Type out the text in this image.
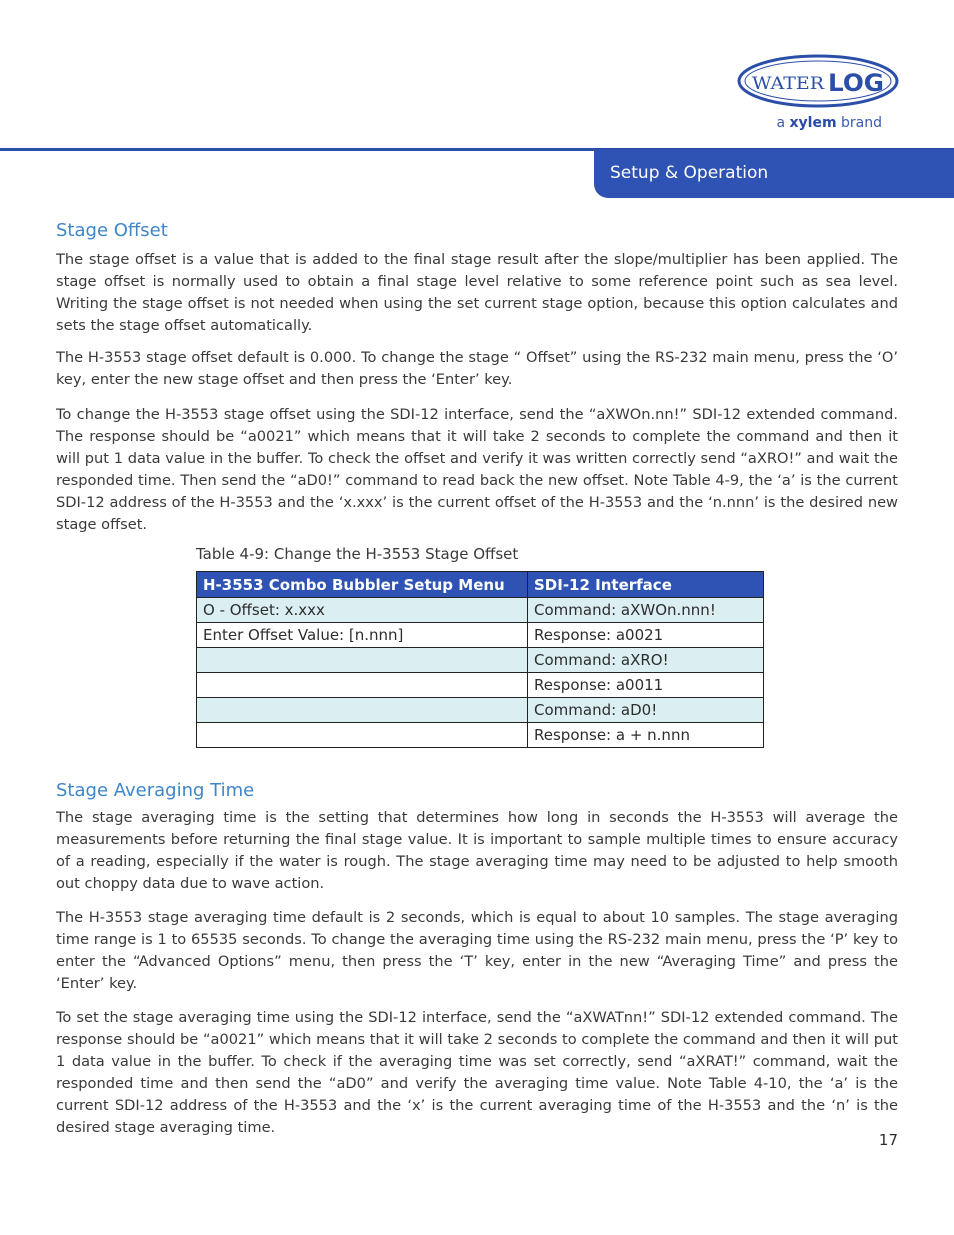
WATER LOG
a xylem brand
Setup & Operation
Stage Offset

The stage offset is a value that is added to the final stage result after the slope/multiplier has been applied. The stage offset is normally used to obtain a final stage level relative to some reference point such as sea level. Writing the stage offset is not needed when using the set current stage option, because this option calculates and sets the stage offset automatically.

The H-3553 stage offset default is 0.000. To change the stage “ Offset” using the RS-232 main menu, press the ‘O’ key, enter the new stage offset and then press the ‘Enter’ key.

To change the H-3553 stage offset using the SDI-12 interface, send the “aXWOn.nn!” SDI-12 extended command. The response should be “a0021” which means that it will take 2 seconds to complete the command and then it will put 1 data value in the buffer. To check the offset and verify it was written correctly send “aXRO!” and wait the responded time. Then send the “aD0!” command to read back the new offset. Note Table 4-9, the ‘a’ is the current SDI-12 address of the H-3553 and the ‘x.xxx’ is the current offset of the H-3553 and the ‘n.nnn’ is the desired new stage offset.

Table 4-9: Change the H-3553 Stage Offset

H-3553 Combo Bubbler Setup Menu	SDI-12 Interface
O - Offset: x.xxx	Command: aXWOn.nnn!
Enter Offset Value: [n.nnn]	Response: a0021
	Command: aXRO!
	Response: a0011
	Command: aD0!
	Response: a + n.nnn
Stage Averaging Time

The stage averaging time is the setting that determines how long in seconds the H-3553 will average the measurements before returning the final stage value. It is important to sample multiple times to ensure accuracy of a reading, especially if the water is rough. The stage averaging time may need to be adjusted to help smooth out choppy data due to wave action.

The H-3553 stage averaging time default is 2 seconds, which is equal to about 10 samples. The stage averaging time range is 1 to 65535 seconds. To change the averaging time using the RS-232 main menu, press the ‘P’ key to enter the “Advanced Options” menu, then press the ‘T’ key, enter in the new “Averaging Time” and press the ‘Enter’ key.

To set the stage averaging time using the SDI-12 interface, send the “aXWATnn!” SDI-12 extended command. The response should be “a0021” which means that it will take 2 seconds to complete the command and then it will put 1 data value in the buffer. To check if the averaging time was set correctly, send “aXRAT!” command, wait the responded time and then send the “aD0” and verify the averaging time value. Note Table 4-10, the ‘a’ is the current SDI-12 address of the H-3553 and the ‘x’ is the current averaging time of the H-3553 and the ‘n’ is the desired stage averaging time.

17
